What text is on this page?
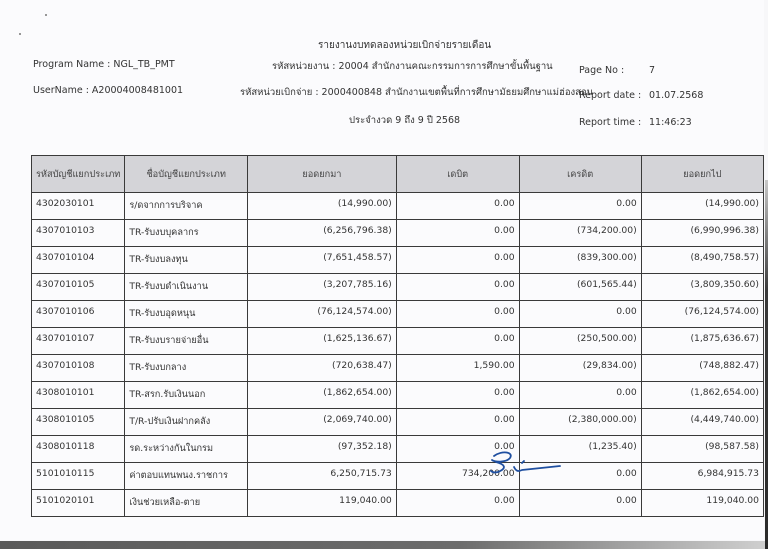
รายงานงบทดลองหน่วยเบิกจ่ายรายเดือน
Program Name : NGL_TB_PMT
UserName : A20004008481001
รหัสหน่วยงาน : 20004 สำนักงานคณะกรรมการการศึกษาขั้นพื้นฐาน
รหัสหน่วยเบิกจ่าย : 2000400848 สำนักงานเขตพื้นที่การศึกษามัธยมศึกษาแม่ฮ่องสอน
ประจำงวด 9 ถึง 9 ปี 2568
Page No :	7
Report date : 01.07.2568
Report time : 11:46:23
รหัสบัญชีแยกประเภท	ชื่อบัญชีแยกประเภท	ยอดยกมา	เดบิต	เครดิต	ยอดยกไป
4302030101	ร/ดจากการบริจาค	(14,990.00)	0.00	0.00	(14,990.00)
4307010103	TR-รับงบบุคลากร	(6,256,796.38)	0.00	(734,200.00)	(6,990,996.38)
4307010104	TR-รับงบลงทุน	(7,651,458.57)	0.00	(839,300.00)	(8,490,758.57)
4307010105	TR-รับงบดำเนินงาน	(3,207,785.16)	0.00	(601,565.44)	(3,809,350.60)
4307010106	TR-รับงบอุดหนุน	(76,124,574.00)	0.00	0.00	(76,124,574.00)
4307010107	TR-รับงบรายจ่ายอื่น	(1,625,136.67)	0.00	(250,500.00)	(1,875,636.67)
4307010108	TR-รับงบกลาง	(720,638.47)	1,590.00	(29,834.00)	(748,882.47)
4308010101	TR-สรก.รับเงินนอก	(1,862,654.00)	0.00	0.00	(1,862,654.00)
4308010105	T/R-ปรับเงินฝากคลัง	(2,069,740.00)	0.00	(2,380,000.00)	(4,449,740.00)
4308010118	รด.ระหว่างกันในกรม	(97,352.18)	0.00	(1,235.40)	(98,587.58)
5101010115	ค่าตอบแทนพนง.ราชการ	6,250,715.73	734,200.00	0.00	6,984,915.73
5101020101	เงินช่วยเหลือ-ตาย	119,040.00	0.00	0.00	119,040.00
